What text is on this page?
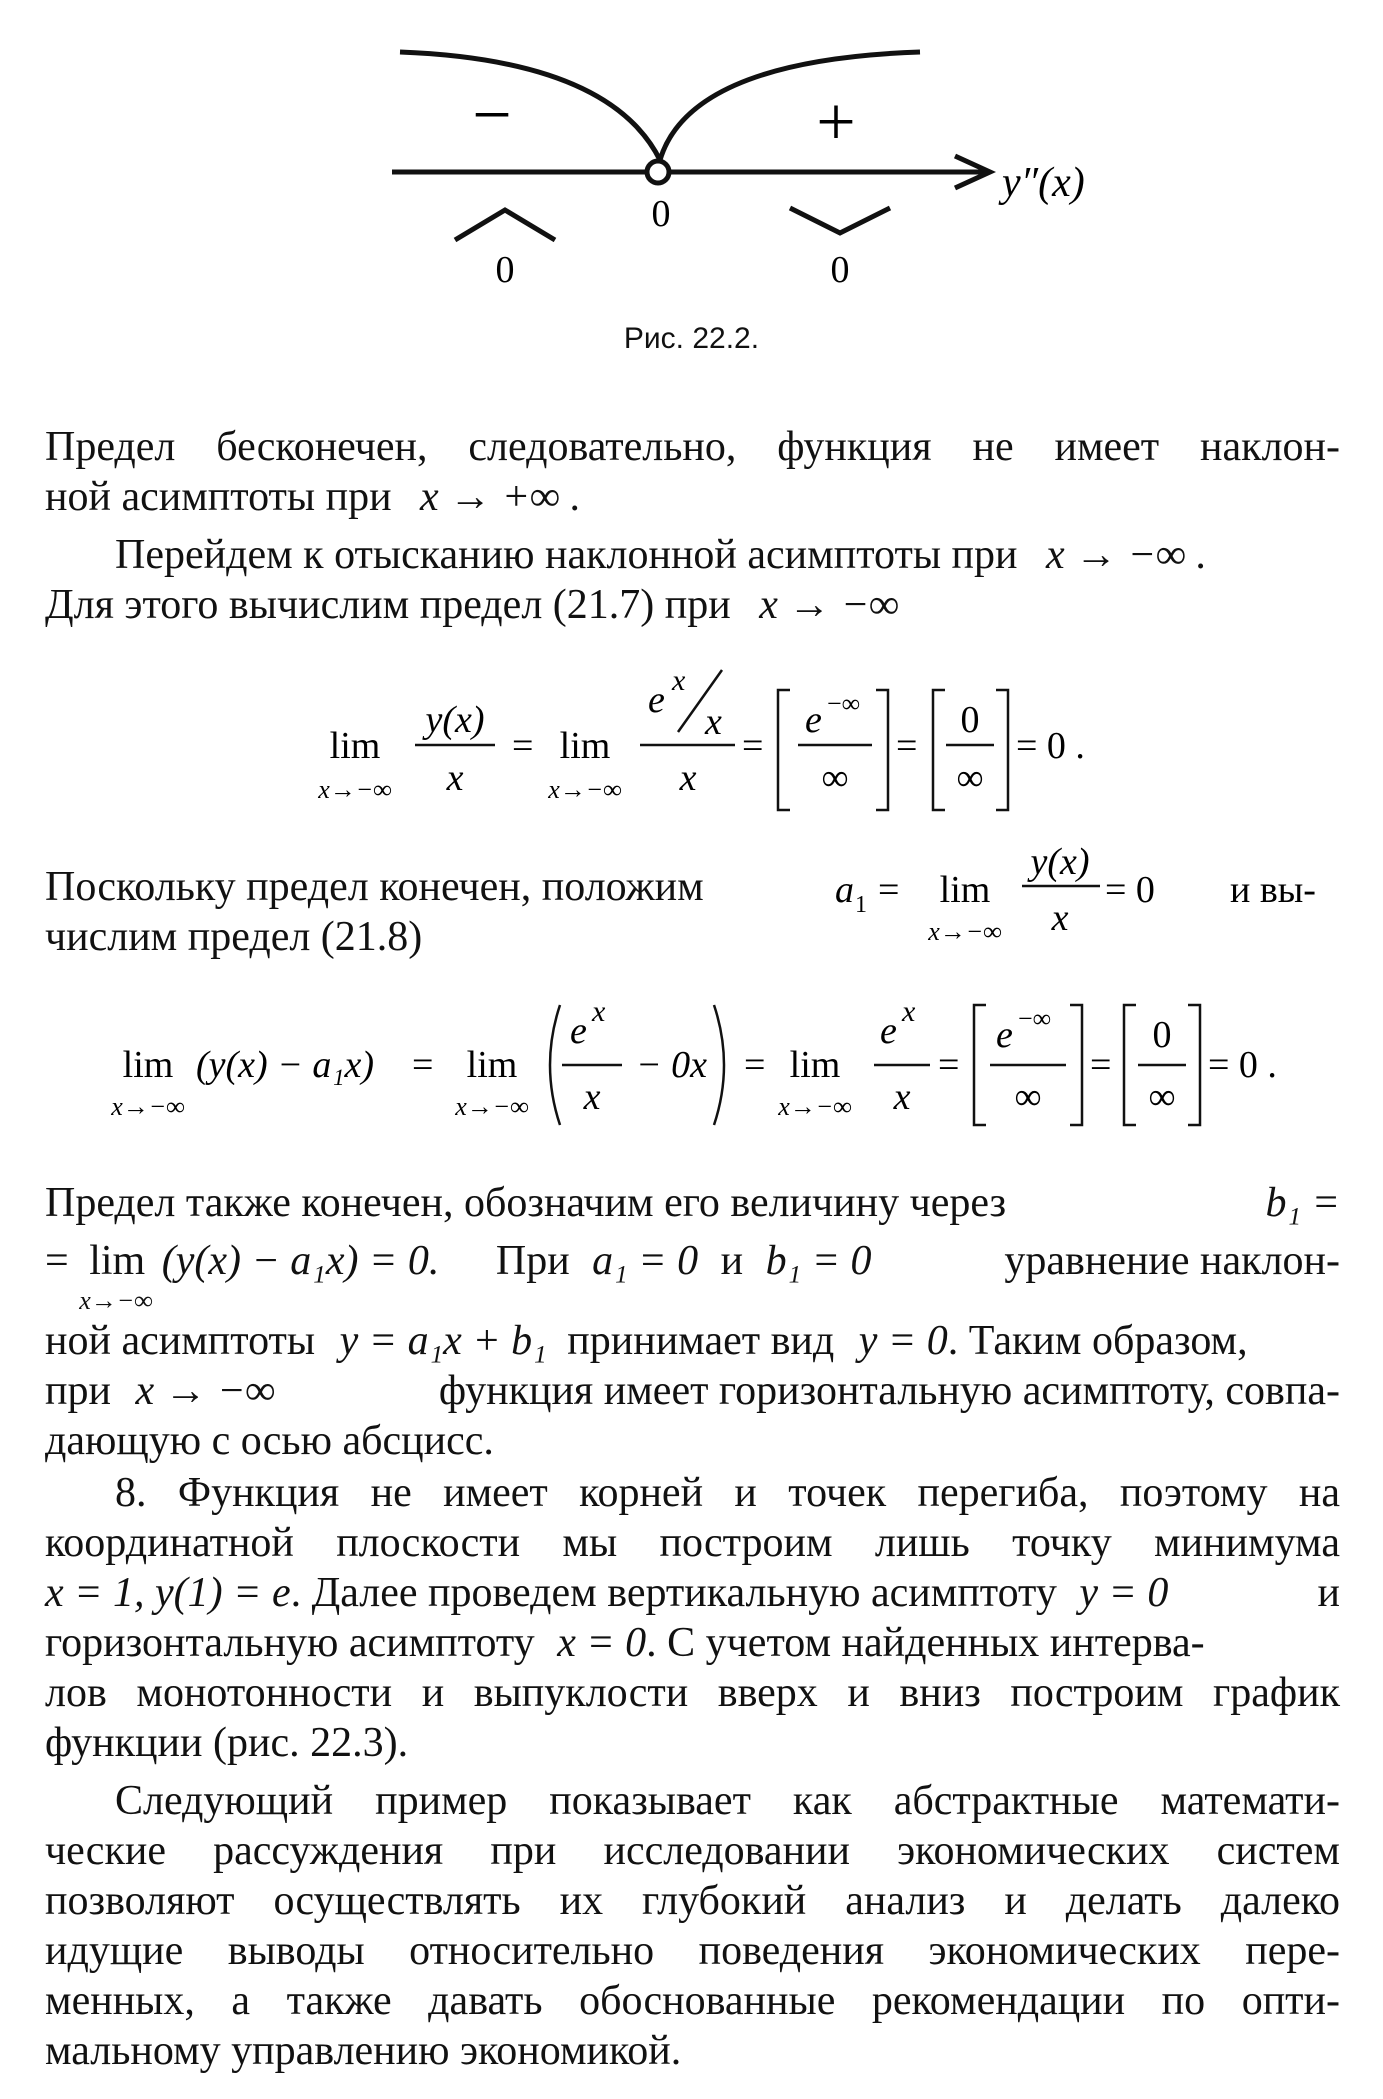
−	+
0
0	0
y″(x)
Рис. 22.2.
Предел бесконечен, следовательно, функция не имеет наклон-
ной асимптоты при x → +∞ .
Перейдем к отысканию наклонной асимптоты при x → −∞ .
Для этого вычислим предел (21.7) при x → −∞
lim
x→−∞
y(x)
x
= lim
x→−∞
e x
x
x
=
e −∞
∞
=
0
∞
= 0 .
Поскольку предел конечен, положим	a 1 = lim
x→−∞
y(x)
x
= 0 и вы-
числим предел (21.8)
lim
x→−∞
(y(x) − a₁x) = lim
x→−∞
e x
x
− 0x = lim
x→−∞
e x
x
=
e −∞
∞
=
0
∞
= 0 .
Предел также конечен, обозначим его величину через	b₁ =
= lim
x→−∞
(y(x) − a₁x) = 0. При a₁ = 0 и b₁ = 0	уравнение наклон-
ной асимптоты y = a₁x + b₁ принимает вид y = 0. Таким образом,
при x → −∞	функция имеет горизонтальную асимптоту, совпа-
дающую с осью абсцисс.
8. Функция не имеет корней и точек перегиба, поэтому на
координатной плоскости мы построим лишь точку минимума
x = 1, y(1) = e. Далее проведем вертикальную асимптоту y = 0	и
горизонтальную асимптоту x = 0. С учетом найденных интерва-
лов монотонности и выпуклости вверх и вниз построим график
функции (рис. 22.3).
Следующий пример показывает как абстрактные математи-
ческие рассуждения при исследовании экономических систем
позволяют осуществлять их глубокий анализ и делать далеко
идущие выводы относительно поведения экономических пере-
менных, а также давать обоснованные рекомендации по опти-
мальному управлению экономикой.
